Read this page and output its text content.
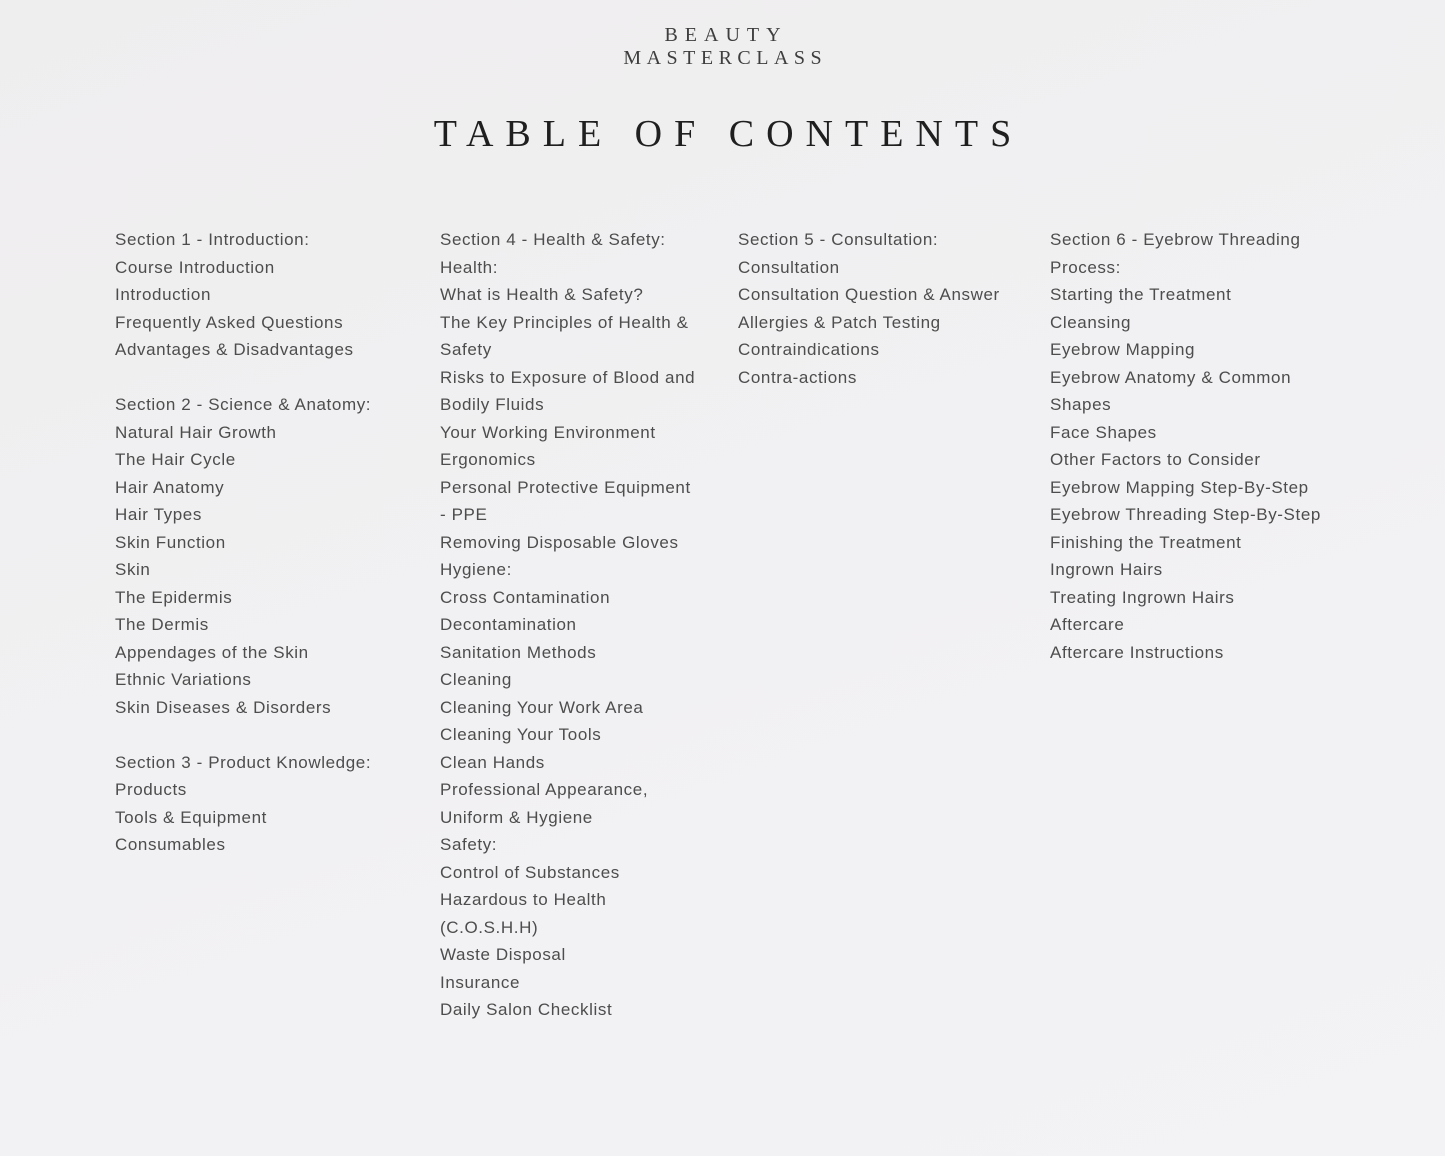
BEAUTY
MASTERCLASS
TABLE OF CONTENTS
Section 1 - Introduction:
Course Introduction
Introduction
Frequently Asked Questions
Advantages & Disadvantages
Section 2 - Science & Anatomy:
Natural Hair Growth
The Hair Cycle
Hair Anatomy
Hair Types
Skin Function
Skin
The Epidermis
The Dermis
Appendages of the Skin
Ethnic Variations
Skin Diseases & Disorders
Section 3 - Product Knowledge:
Products
Tools & Equipment
Consumables
Section 4 - Health & Safety:
Health:
What is Health & Safety?
The Key Principles of Health &
Safety
Risks to Exposure of Blood and
Bodily Fluids
Your Working Environment
Ergonomics
Personal Protective Equipment
- PPE
Removing Disposable Gloves
Hygiene:
Cross Contamination
Decontamination
Sanitation Methods
Cleaning
Cleaning Your Work Area
Cleaning Your Tools
Clean Hands
Professional Appearance,
Uniform & Hygiene
Safety:
Control of Substances
Hazardous to Health
(C.O.S.H.H)
Waste Disposal
Insurance
Daily Salon Checklist
Section 5 - Consultation:
Consultation
Consultation Question & Answer
Allergies & Patch Testing
Contraindications
Contra-actions
Section 6 - Eyebrow Threading
Process:
Starting the Treatment
Cleansing
Eyebrow Mapping
Eyebrow Anatomy & Common
Shapes
Face Shapes
Other Factors to Consider
Eyebrow Mapping Step-By-Step
Eyebrow Threading Step-By-Step
Finishing the Treatment
Ingrown Hairs
Treating Ingrown Hairs
Aftercare
Aftercare Instructions
